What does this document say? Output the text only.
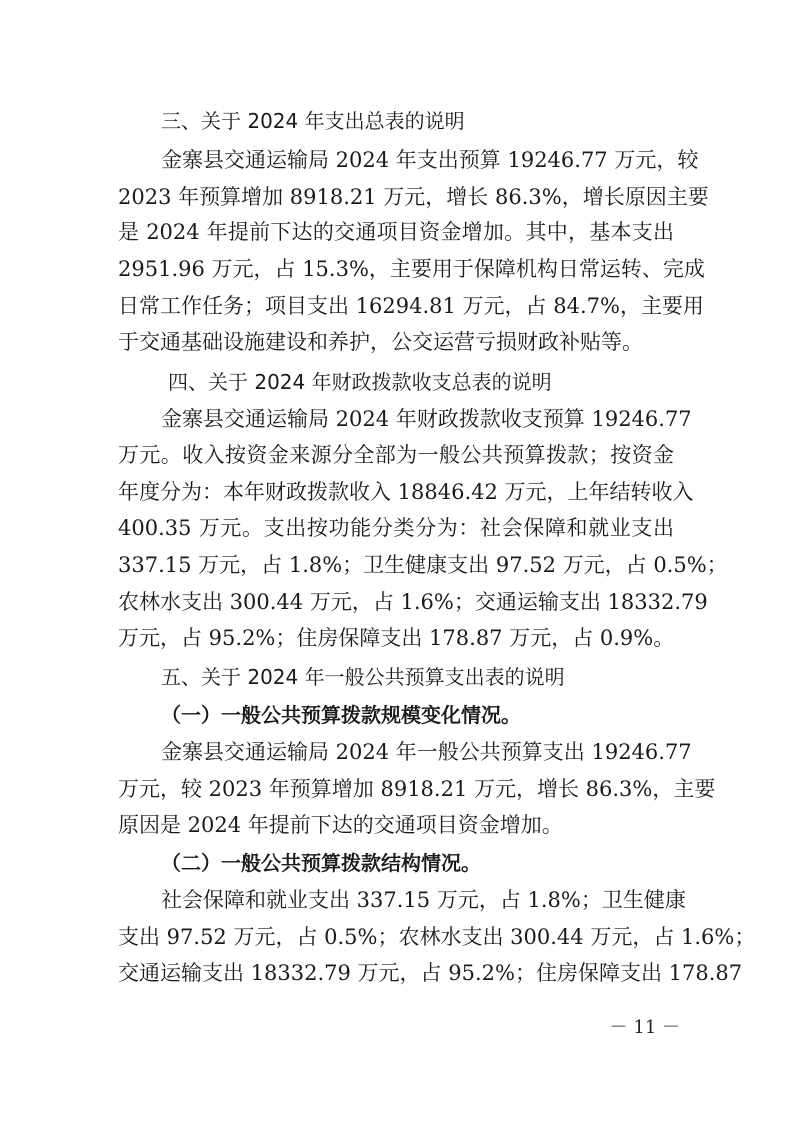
三、关于 2024 年支出总表的说明
金寨县交通运输局 2024 年支出预算 19246.77 万元，较
2023 年预算增加 8918.21 万元，增长 86.3%，增长原因主要
是 2024 年提前下达的交通项目资金增加。其中，基本支出
2951.96 万元，占 15.3%，主要用于保障机构日常运转、完成
日常工作任务；项目支出 16294.81 万元，占 84.7%，主要用
于交通基础设施建设和养护，公交运营亏损财政补贴等。
四、关于 2024 年财政拨款收支总表的说明
金寨县交通运输局 2024 年财政拨款收支预算 19246.77
万元。收入按资金来源分全部为一般公共预算拨款；按资金
年度分为：本年财政拨款收入 18846.42 万元，上年结转收入
400.35 万元。支出按功能分类分为：社会保障和就业支出
337.15 万元，占 1.8%；卫生健康支出 97.52 万元，占 0.5%；
农林水支出 300.44 万元，占 1.6%；交通运输支出 18332.79
万元，占 95.2%；住房保障支出 178.87 万元，占 0.9%。
五、关于 2024 年一般公共预算支出表的说明
（一）一般公共预算拨款规模变化情况。
金寨县交通运输局 2024 年一般公共预算支出 19246.77
万元，较 2023 年预算增加 8918.21 万元，增长 86.3%，主要
原因是 2024 年提前下达的交通项目资金增加。
（二）一般公共预算拨款结构情况。
社会保障和就业支出 337.15 万元，占 1.8%；卫生健康
支出 97.52 万元，占 0.5%；农林水支出 300.44 万元，占 1.6%；
交通运输支出 18332.79 万元，占 95.2%；住房保障支出 178.87
－ 11 －
